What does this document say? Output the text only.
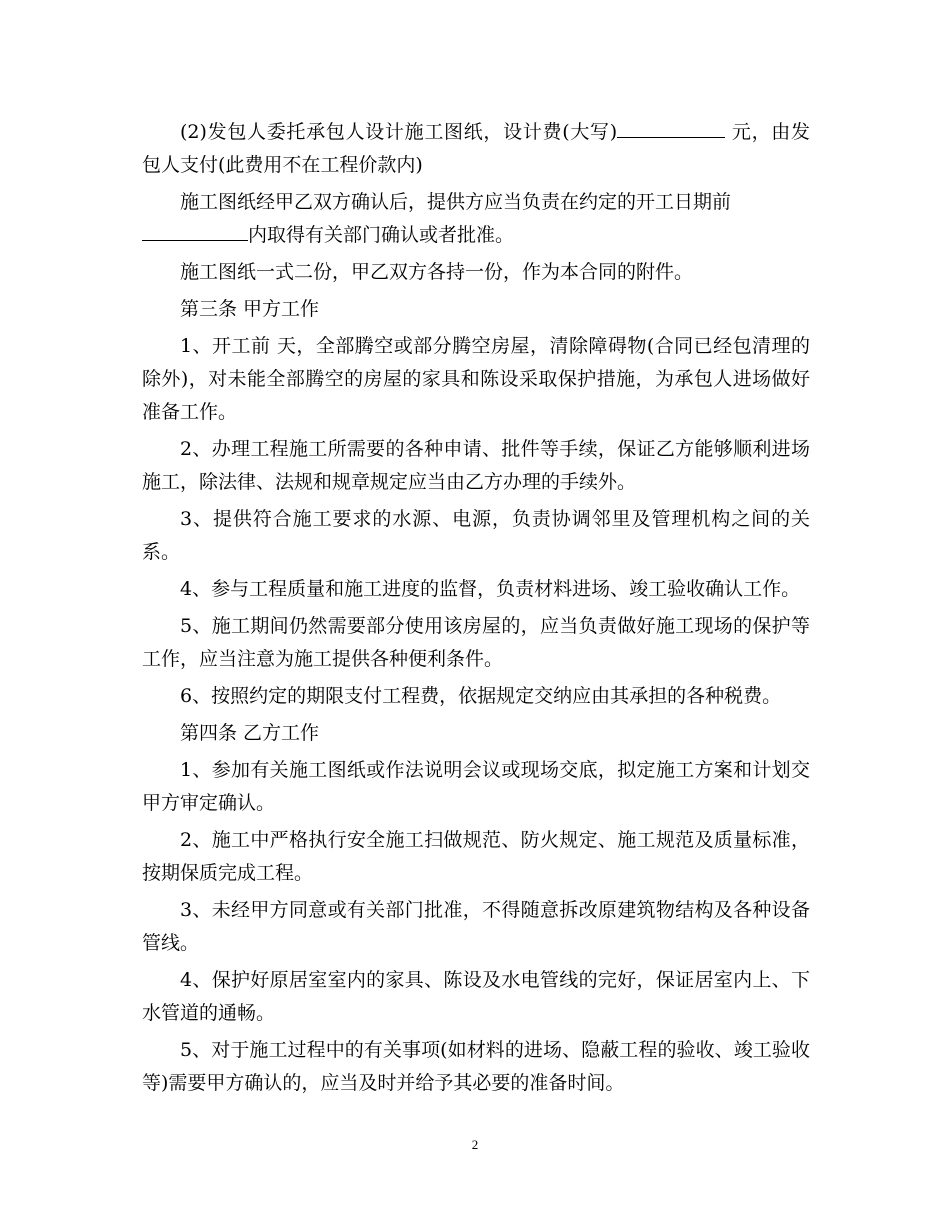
(2)发包人委托承包人设计施工图纸，设计费(大写)	元，由发包人支付(此费用不在工程价款内)

施工图纸经甲乙双方确认后，提供方应当负责在约定的开工日期前
内取得有关部门确认或者批准。

施工图纸一式二份，甲乙双方各持一份，作为本合同的附件。

第三条 甲方工作

1、开工前 天，全部腾空或部分腾空房屋，清除障碍物(合同已经包清理的除外)，对未能全部腾空的房屋的家具和陈设采取保护措施，为承包人进场做好准备工作。

2、办理工程施工所需要的各种申请、批件等手续，保证乙方能够顺利进场施工，除法律、法规和规章规定应当由乙方办理的手续外。

3、提供符合施工要求的水源、电源，负责协调邻里及管理机构之间的关系。

4、参与工程质量和施工进度的监督，负责材料进场、竣工验收确认工作。

5、施工期间仍然需要部分使用该房屋的，应当负责做好施工现场的保护等工作，应当注意为施工提供各种便利条件。

6、按照约定的期限支付工程费，依据规定交纳应由其承担的各种税费。

第四条 乙方工作

1、参加有关施工图纸或作法说明会议或现场交底，拟定施工方案和计划交甲方审定确认。

2、施工中严格执行安全施工扫做规范、防火规定、施工规范及质量标准，按期保质完成工程。

3、未经甲方同意或有关部门批准，不得随意拆改原建筑物结构及各种设备管线。

4、保护好原居室室内的家具、陈设及水电管线的完好，保证居室内上、下水管道的通畅。

5、对于施工过程中的有关事项(如材料的进场、隐蔽工程的验收、竣工验收等)需要甲方确认的，应当及时并给予其必要的准备时间。

2
